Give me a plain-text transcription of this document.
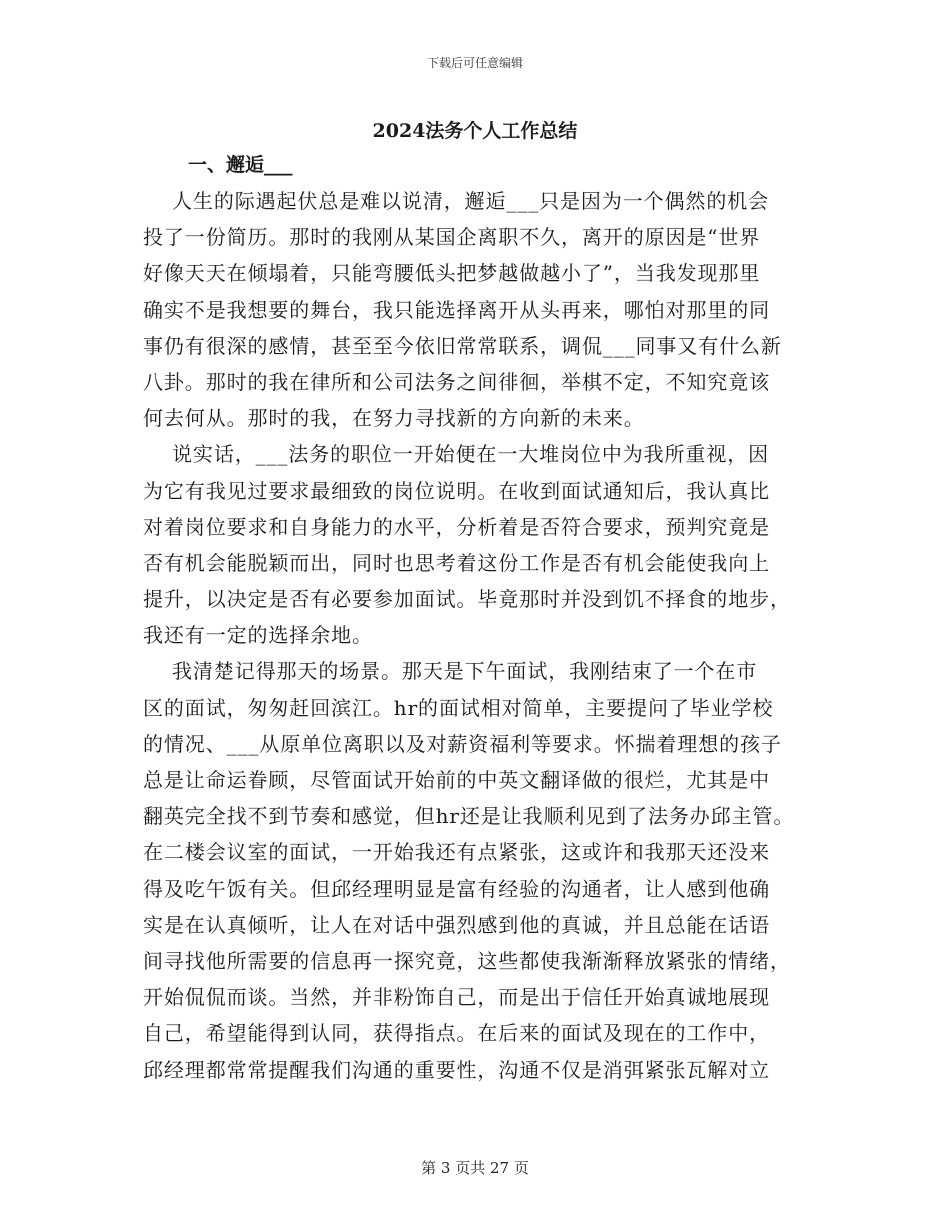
下载后可任意编辑
2024法务个人工作总结
一、邂逅___
人生的际遇起伏总是难以说清，邂逅___只是因为一个偶然的机会
投了一份简历。那时的我刚从某国企离职不久，离开的原因是“世界
好像天天在倾塌着，只能弯腰低头把梦越做越小了”，当我发现那里
确实不是我想要的舞台，我只能选择离开从头再来，哪怕对那里的同
事仍有很深的感情，甚至至今依旧常常联系，调侃___同事又有什么新
八卦。那时的我在律所和公司法务之间徘徊，举棋不定，不知究竟该
何去何从。那时的我，在努力寻找新的方向新的未来。
说实话，___法务的职位一开始便在一大堆岗位中为我所重视，因
为它有我见过要求最细致的岗位说明。在收到面试通知后，我认真比
对着岗位要求和自身能力的水平，分析着是否符合要求，预判究竟是
否有机会能脱颖而出，同时也思考着这份工作是否有机会能使我向上
提升，以决定是否有必要参加面试。毕竟那时并没到饥不择食的地步，
我还有一定的选择余地。
我清楚记得那天的场景。那天是下午面试，我刚结束了一个在市
区的面试，匆匆赶回滨江。hr的面试相对简单，主要提问了毕业学校
的情况、___从原单位离职以及对薪资福利等要求。怀揣着理想的孩子
总是让命运眷顾，尽管面试开始前的中英文翻译做的很烂，尤其是中
翻英完全找不到节奏和感觉，但hr还是让我顺利见到了法务办邱主管。
在二楼会议室的面试，一开始我还有点紧张，这或许和我那天还没来
得及吃午饭有关。但邱经理明显是富有经验的沟通者，让人感到他确
实是在认真倾听，让人在对话中强烈感到他的真诚，并且总能在话语
间寻找他所需要的信息再一探究竟，这些都使我渐渐释放紧张的情绪，
开始侃侃而谈。当然，并非粉饰自己，而是出于信任开始真诚地展现
自己，希望能得到认同，获得指点。在后来的面试及现在的工作中，
邱经理都常常提醒我们沟通的重要性，沟通不仅是消弭紧张瓦解对立
第 3 页共 27 页
